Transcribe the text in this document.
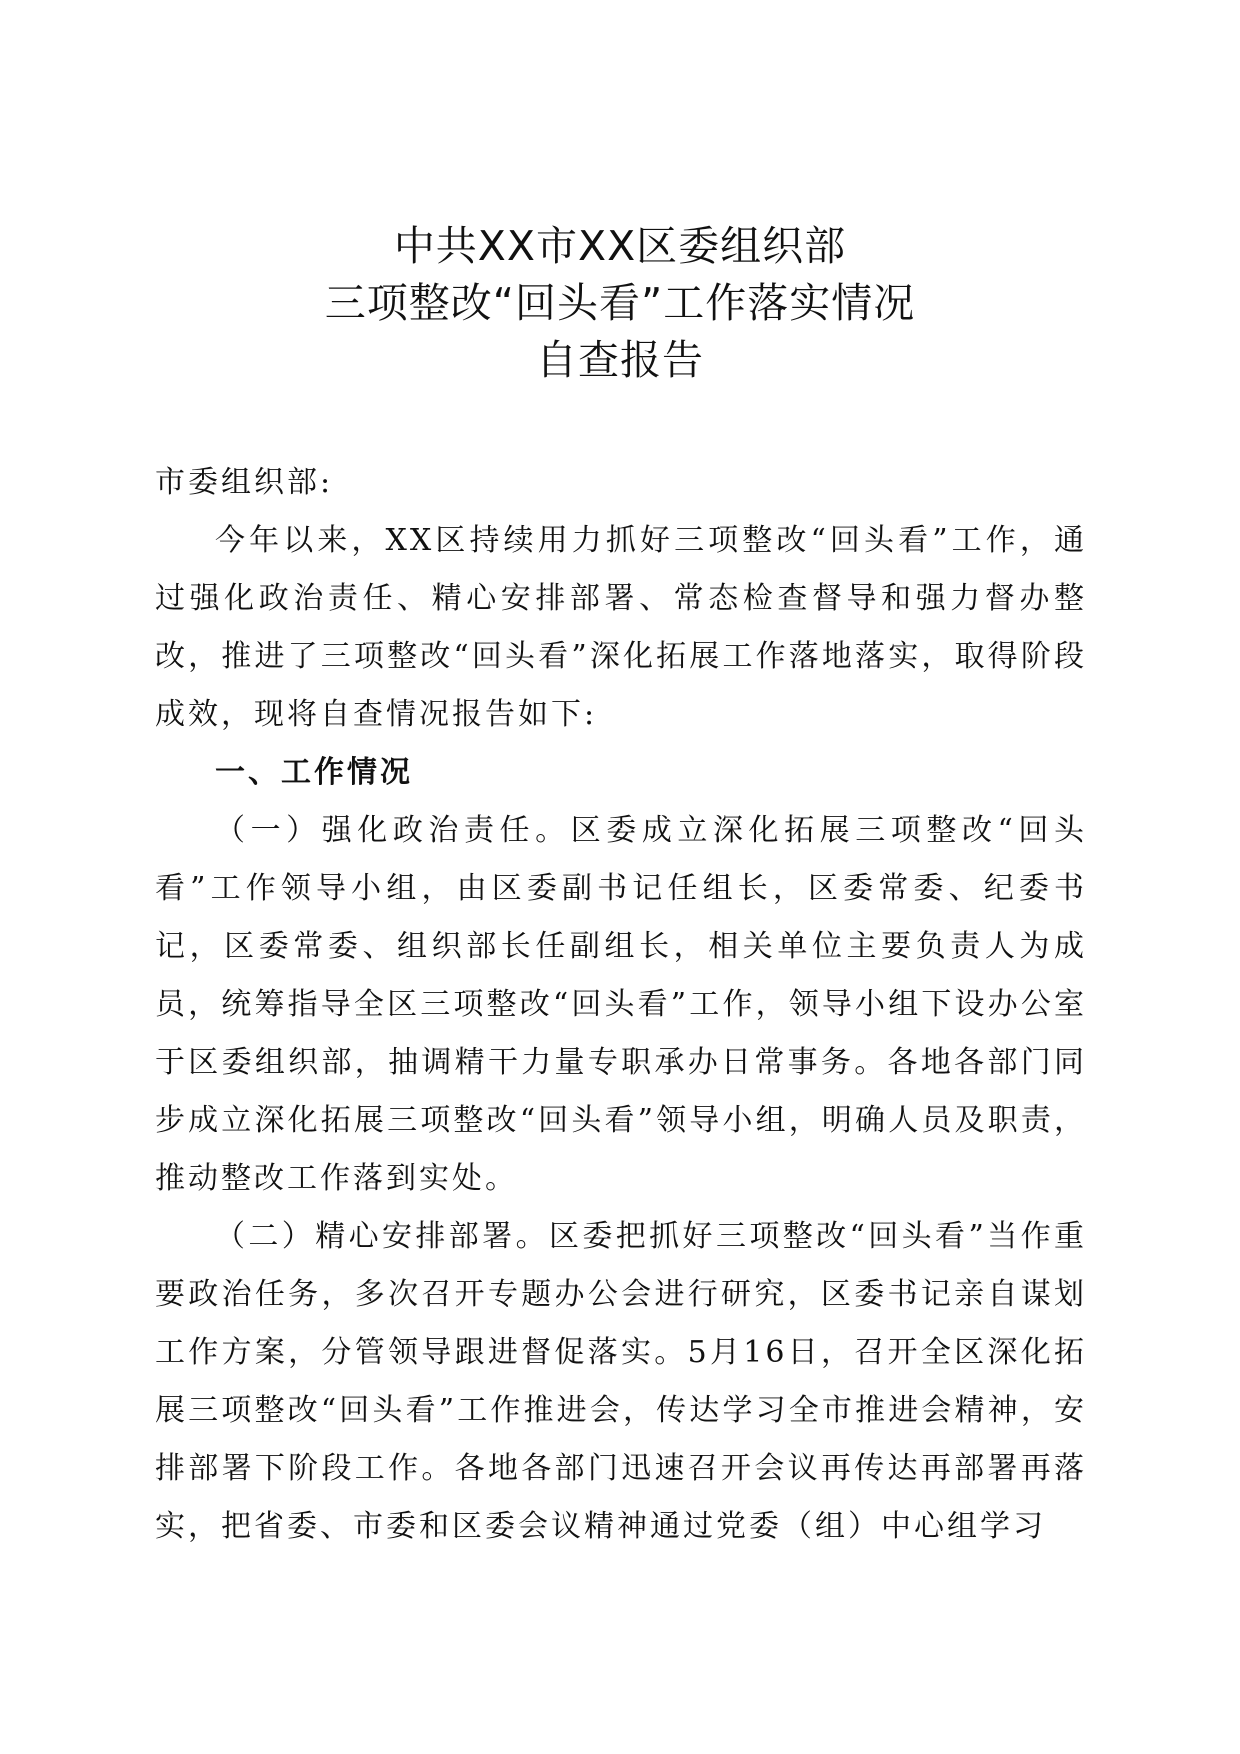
中共XX市XX区委组织部
三项整改“回头看”工作落实情况
自查报告

市委组织部:

今年以来，XX区持续用力抓好三项整改“回头看”工作，通过强化政治责任、精心安排部署、常态检查督导和强力督办整改，推进了三项整改“回头看”深化拓展工作落地落实，取得阶段成效，现将自查情况报告如下:

一、工作情况

（一）强化政治责任。区委成立深化拓展三项整改“回头看”工作领导小组，由区委副书记任组长，区委常委、纪委书记，区委常委、组织部长任副组长，相关单位主要负责人为成员，统筹指导全区三项整改“回头看”工作，领导小组下设办公室于区委组织部，抽调精干力量专职承办日常事务。各地各部门同步成立深化拓展三项整改“回头看”领导小组，明确人员及职责，推动整改工作落到实处。

（二）精心安排部署。区委把抓好三项整改“回头看”当作重要政治任务，多次召开专题办公会进行研究，区委书记亲自谋划工作方案，分管领导跟进督促落实。5月16日，召开全区深化拓展三项整改“回头看”工作推进会，传达学习全市推进会精神，安排部署下阶段工作。各地各部门迅速召开会议再传达再部署再落实，把省委、市委和区委会议精神通过党委（组）中心组学习
